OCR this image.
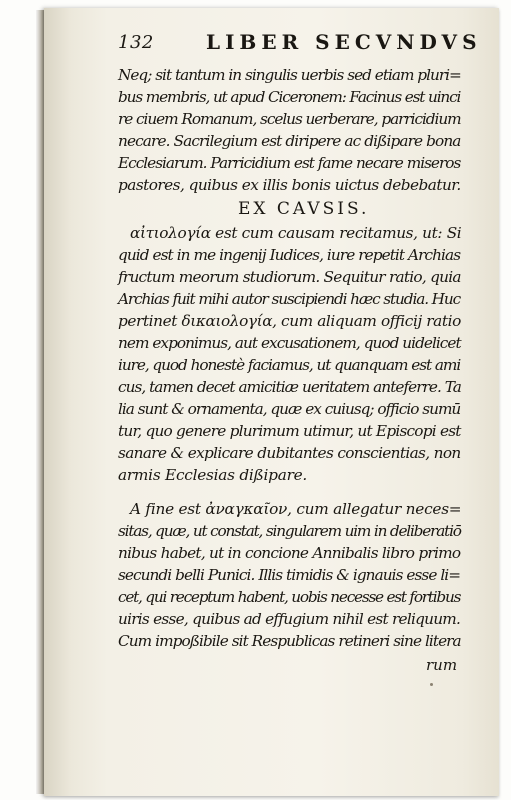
132	LIBER SECVNDVS
Neq; sit tantum in singulis uerbis sed etiam pluri=
bus membris, ut apud Ciceronem: Facinus est uinci
re ciuem Romanum, scelus uerberare, parricidium
necare. Sacrilegium est diripere ac dißipare bona
Ecclesiarum. Parricidium est fame necare miseros
pastores, quibus ex illis bonis uictus debebatur.
EX CAVSIS.
αἰτιολογία est cum causam recitamus, ut: Si
quid est in me ingenij Iudices, iure repetit Archias
fructum meorum studiorum. Sequitur ratio, quia
Archias fuit mihi autor suscipiendi hæc studia. Huc
pertinet δικαιολογία, cum aliquam officij ratio
nem exponimus, aut excusationem, quod uidelicet
iure, quod honestè faciamus, ut quanquam est ami
cus, tamen decet amicitiæ ueritatem anteferre. Ta
lia sunt & ornamenta, quæ ex cuiusq; officio sumū
tur, quo genere plurimum utimur, ut Episcopi est
sanare & explicare dubitantes conscientias, non
armis Ecclesias dißipare.
A fine est ἀναγκαῖον, cum allegatur neces=
sitas, quæ, ut constat, singularem uim in deliberatiō
nibus habet, ut in concione Annibalis libro primo
secundi belli Punici. Illis timidis & ignauis esse li=
cet, qui receptum habent, uobis necesse est fortibus
uiris esse, quibus ad effugium nihil est reliquum.
Cum impoßibile sit Respublicas retineri sine litera
rum
